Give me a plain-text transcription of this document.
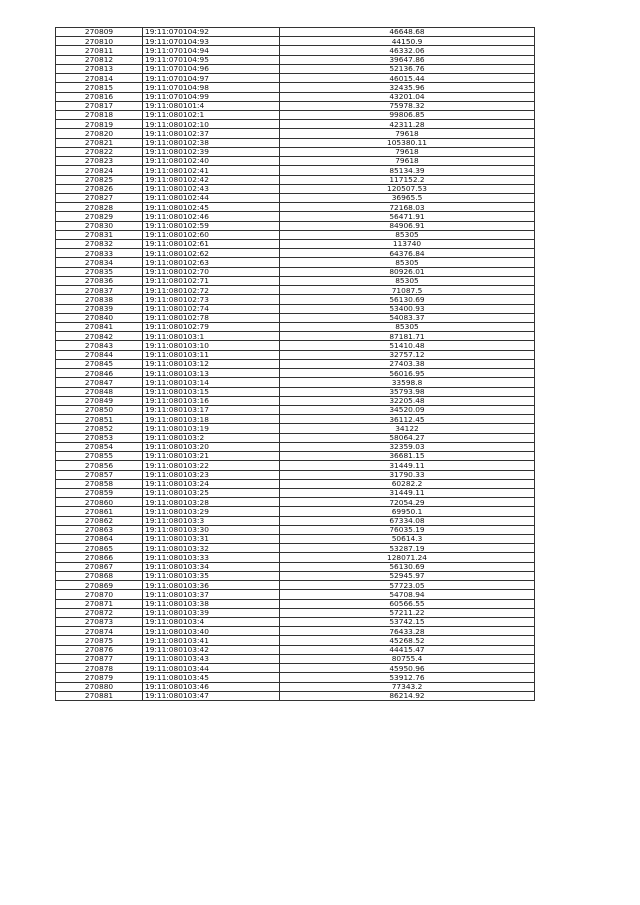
270809	19:11:070104:92	46648.68
270810	19:11:070104:93	44150.9
270811	19:11:070104:94	46332.06
270812	19:11:070104:95	39647.86
270813	19:11:070104:96	52136.76
270814	19:11:070104:97	46015.44
270815	19:11:070104:98	32435.96
270816	19:11:070104:99	43201.04
270817	19:11:080101:4	75978.32
270818	19:11:080102:1	99806.85
270819	19:11:080102:10	42311.28
270820	19:11:080102:37	79618
270821	19:11:080102:38	105380.11
270822	19:11:080102:39	79618
270823	19:11:080102:40	79618
270824	19:11:080102:41	85134.39
270825	19:11:080102:42	117152.2
270826	19:11:080102:43	120507.53
270827	19:11:080102:44	36965.5
270828	19:11:080102:45	72168.03
270829	19:11:080102:46	56471.91
270830	19:11:080102:59	84906.91
270831	19:11:080102:60	85305
270832	19:11:080102:61	113740
270833	19:11:080102:62	64376.84
270834	19:11:080102:63	85305
270835	19:11:080102:70	80926.01
270836	19:11:080102:71	85305
270837	19:11:080102:72	71087.5
270838	19:11:080102:73	56130.69
270839	19:11:080102:74	53400.93
270840	19:11:080102:78	54083.37
270841	19:11:080102:79	85305
270842	19:11:080103:1	87181.71
270843	19:11:080103:10	51410.48
270844	19:11:080103:11	32757.12
270845	19:11:080103:12	27403.38
270846	19:11:080103:13	56016.95
270847	19:11:080103:14	33598.8
270848	19:11:080103:15	35793.98
270849	19:11:080103:16	32205.48
270850	19:11:080103:17	34520.09
270851	19:11:080103:18	36112.45
270852	19:11:080103:19	34122
270853	19:11:080103:2	58064.27
270854	19:11:080103:20	32359.03
270855	19:11:080103:21	36681.15
270856	19:11:080103:22	31449.11
270857	19:11:080103:23	31790.33
270858	19:11:080103:24	60282.2
270859	19:11:080103:25	31449.11
270860	19:11:080103:28	72054.29
270861	19:11:080103:29	69950.1
270862	19:11:080103:3	67334.08
270863	19:11:080103:30	76035.19
270864	19:11:080103:31	50614.3
270865	19:11:080103:32	53287.19
270866	19:11:080103:33	128071.24
270867	19:11:080103:34	56130.69
270868	19:11:080103:35	52945.97
270869	19:11:080103:36	57723.05
270870	19:11:080103:37	54708.94
270871	19:11:080103:38	60566.55
270872	19:11:080103:39	57211.22
270873	19:11:080103:4	53742.15
270874	19:11:080103:40	76433.28
270875	19:11:080103:41	45268.52
270876	19:11:080103:42	44415.47
270877	19:11:080103:43	80755.4
270878	19:11:080103:44	45950.96
270879	19:11:080103:45	53912.76
270880	19:11:080103:46	77343.2
270881	19:11:080103:47	86214.92
